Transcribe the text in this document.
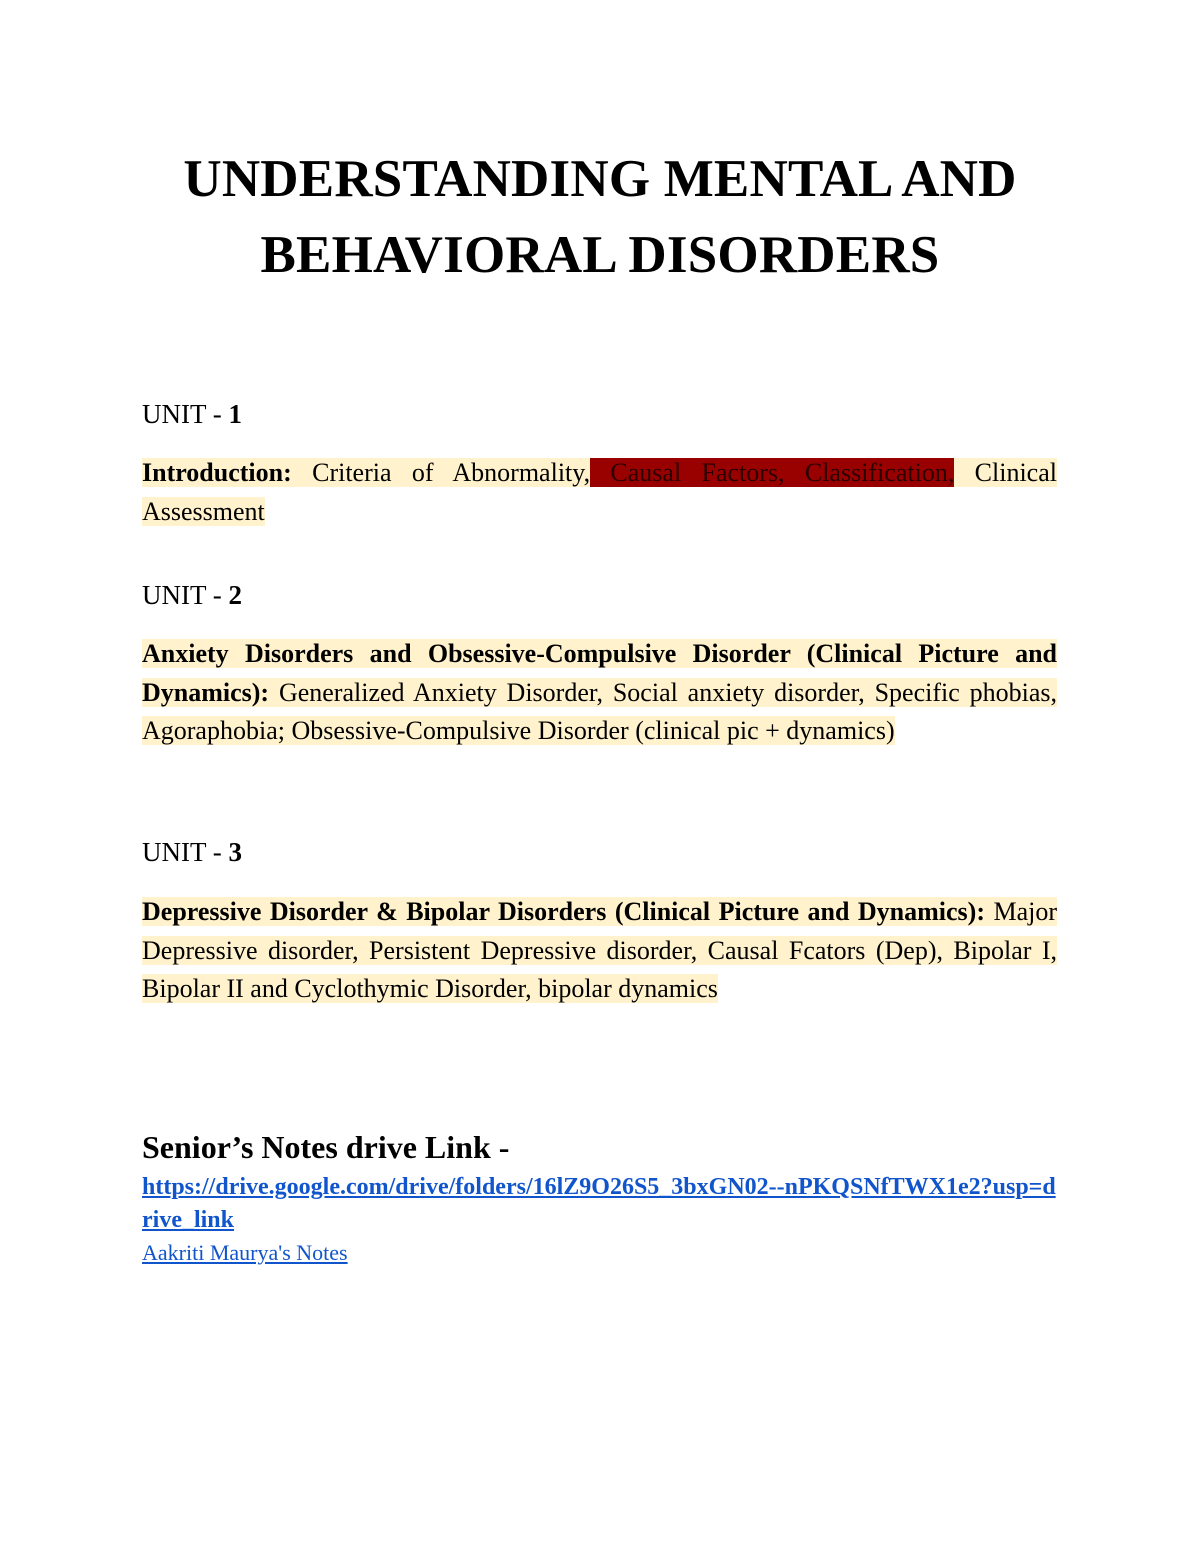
UNDERSTANDING MENTAL AND
BEHAVIORAL DISORDERS

UNIT - 1

Introduction: Criteria of Abnormality, Causal Factors, Classification, Clinical Assessment

UNIT - 2

Anxiety Disorders and Obsessive-Compulsive Disorder (Clinical Picture and Dynamics): Generalized Anxiety Disorder, Social anxiety disorder, Specific phobias, Agoraphobia; Obsessive-Compulsive Disorder (clinical pic + dynamics)

UNIT - 3

Depressive Disorder & Bipolar Disorders (Clinical Picture and Dynamics): Major Depressive disorder, Persistent Depressive disorder, Causal Fcators (Dep), Bipolar I, Bipolar II and Cyclothymic Disorder, bipolar dynamics

Senior’s Notes drive Link -

https://drive.google.com/drive/folders/16lZ9O26S5_3bxGN02--nPKQSNfTWX1e2?usp=drive_link
Aakriti Maurya's Notes
